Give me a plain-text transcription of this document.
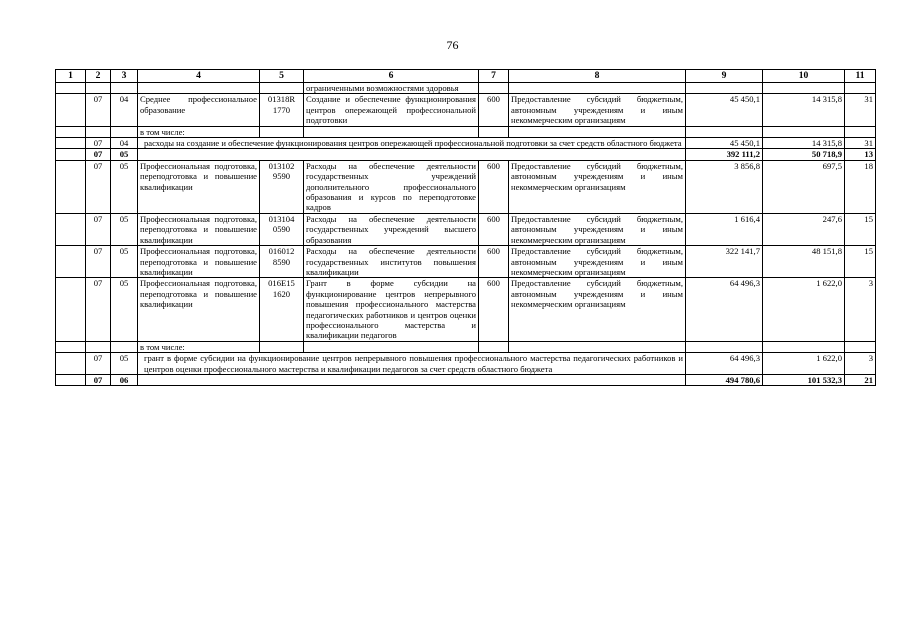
76
1	2	3	4	5	6	7	8	9	10	11
					ограниченными возможностями здоровья					
	07	04	Среднее профессиональное образование	01318R 1770	Создание и обеспечение функционирования центров опережающей профессиональной подготовки	600	Предоставление субсидий бюджетным, автономным учреждениям и иным некоммерческим организациям	45 450,1	14 315,8	31
			в том числе:							
	07	04	расходы на создание и обеспечение функционирования центров опережающей профессиональной подготовки за счет средств областного бюджета					45 450,1	14 315,8	31
	07	05						392 111,2	50 718,9	13
	07	05	Профессиональная подготовка, переподготовка и повышение квалификации	013102 9590	Расходы на обеспечение деятельности государственных учреждений дополнительного профессионального образования и курсов по переподготовке кадров	600	Предоставление субсидий бюджетным, автономным учреждениям и иным некоммерческим организациям	3 856,8	697,5	18
	07	05	Профессиональная подготовка, переподготовка и повышение квалификации	013104 0590	Расходы на обеспечение деятельности государственных учреждений высшего образования	600	Предоставление субсидий бюджетным, автономным учреждениям и иным некоммерческим организациям	1 616,4	247,6	15
	07	05	Профессиональная подготовка, переподготовка и повышение квалификации	016012 8590	Расходы на обеспечение деятельности государственных институтов повышения квалификации	600	Предоставление субсидий бюджетным, автономным учреждениям и иным некоммерческим организациям	322 141,7	48 151,8	15
	07	05	Профессиональная подготовка, переподготовка и повышение квалификации	016E15 1620	Грант в форме субсидии на функционирование центров непрерывного повышения профессионального мастерства педагогических работников и центров оценки профессионального мастерства и квалификации педагогов	600	Предоставление субсидий бюджетным, автономным учреждениям и иным некоммерческим организациям	64 496,3	1 622,0	3
			в том числе:							
	07	05	грант в форме субсидии на функционирование центров непрерывного повышения профессионального мастерства педагогических работников и центров оценки профессионального мастерства и квалификации педагогов за счет средств областного бюджета					64 496,3	1 622,0	3
	07	06						494 780,6	101 532,3	21
